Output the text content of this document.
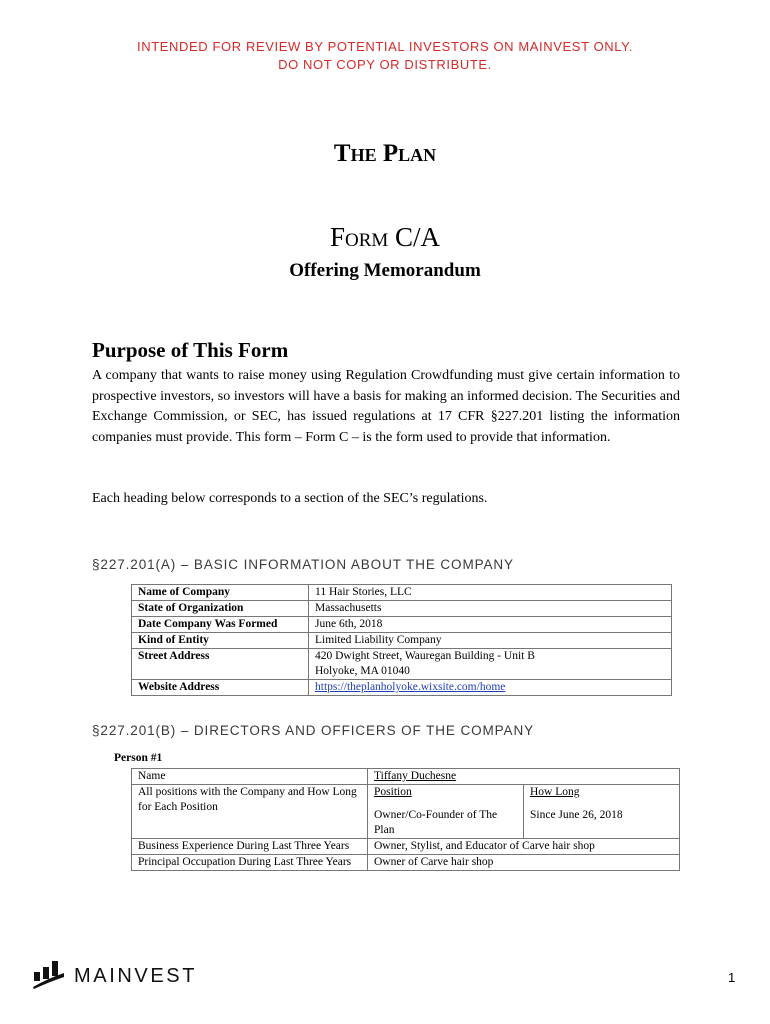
INTENDED FOR REVIEW BY POTENTIAL INVESTORS ON MAINVEST ONLY.
DO NOT COPY OR DISTRIBUTE.
The Plan
Form C/A
Offering Memorandum
Purpose of This Form
A company that wants to raise money using Regulation Crowdfunding must give certain information to prospective investors, so investors will have a basis for making an informed decision. The Securities and Exchange Commission, or SEC, has issued regulations at 17 CFR §227.201 listing the information companies must provide. This form – Form C – is the form used to provide that information.
Each heading below corresponds to a section of the SEC’s regulations.
§227.201(A) – BASIC INFORMATION ABOUT THE COMPANY
Name of Company	11 Hair Stories, LLC
State of Organization	Massachusetts
Date Company Was Formed	June 6th, 2018
Kind of Entity	Limited Liability Company
Street Address	420 Dwight Street, Wauregan Building - Unit B
Holyoke, MA 01040

Website Address	https://theplanholyoke.wixsite.com/home
§227.201(B) – DIRECTORS AND OFFICERS OF THE COMPANY
Person #1
Name	Tiffany Duchesne	
All positions with the Company and How Long for Each Position	Position	How Long
	Owner/Co-Founder of The Plan	Since June 26, 2018
Business Experience During Last Three Years	Owner, Stylist, and Educator of Carve hair shop	
Principal Occupation During Last Three Years	Owner of Carve hair shop	
MAINVEST	1
